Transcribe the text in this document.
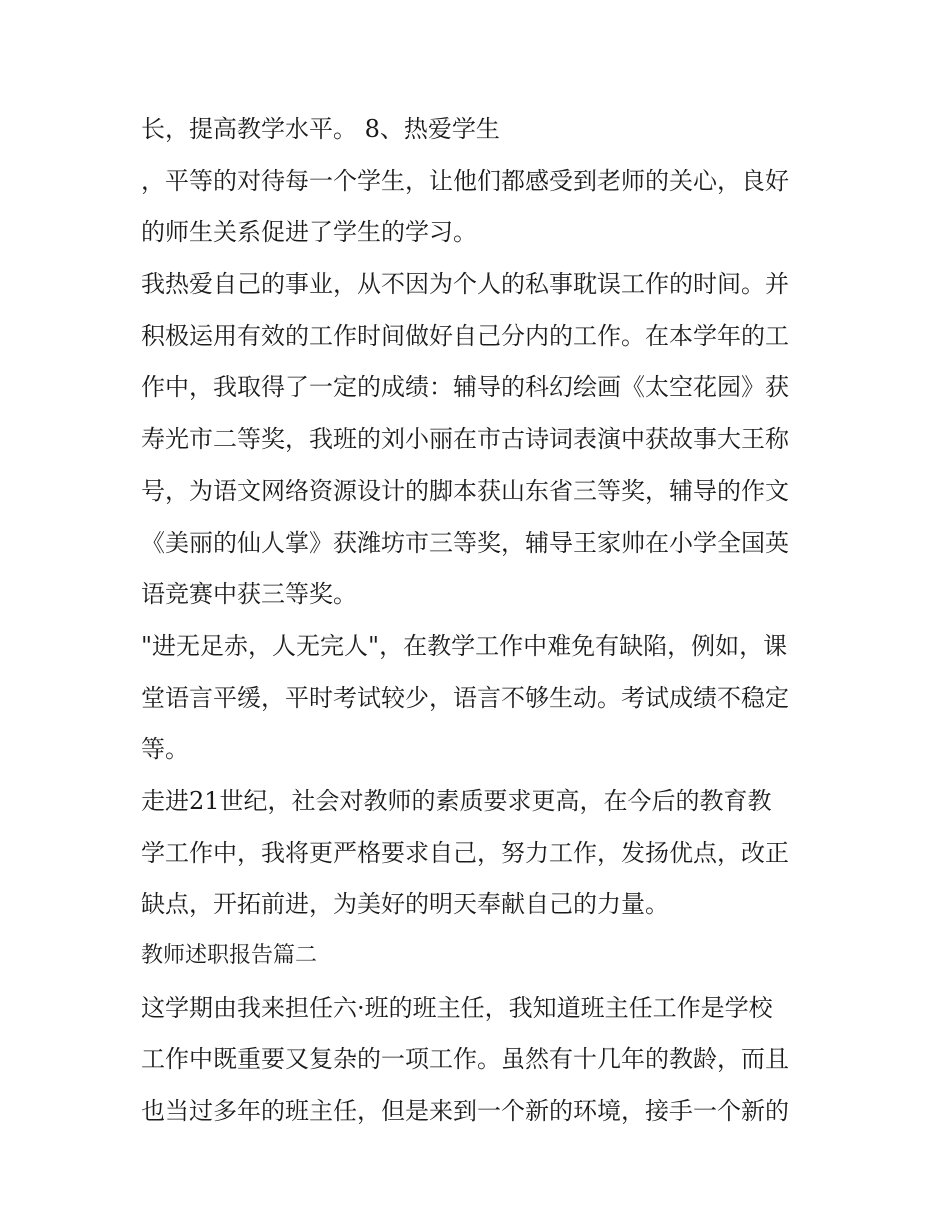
长，提高教学水平。 8、热爱学生
，平等的对待每一个学生，让他们都感受到老师的关心，良好
的师生关系促进了学生的学习。
我热爱自己的事业，从不因为个人的私事耽误工作的时间。并
积极运用有效的工作时间做好自己分内的工作。在本学年的工
作中，我取得了一定的成绩：辅导的科幻绘画《太空花园》获
寿光市二等奖，我班的刘小丽在市古诗词表演中获故事大王称
号，为语文网络资源设计的脚本获山东省三等奖，辅导的作文
《美丽的仙人掌》获潍坊市三等奖，辅导王家帅在小学全国英
语竞赛中获三等奖。
"进无足赤，人无完人"，在教学工作中难免有缺陷，例如，课
堂语言平缓，平时考试较少，语言不够生动。考试成绩不稳定
等。
走进21世纪，社会对教师的素质要求更高，在今后的教育教
学工作中，我将更严格要求自己，努力工作，发扬优点，改正
缺点，开拓前进，为美好的明天奉献自己的力量。
教师述职报告篇二
这学期由我来担任六·班的班主任，我知道班主任工作是学校
工作中既重要又复杂的一项工作。虽然有十几年的教龄，而且
也当过多年的班主任，但是来到一个新的环境，接手一个新的
